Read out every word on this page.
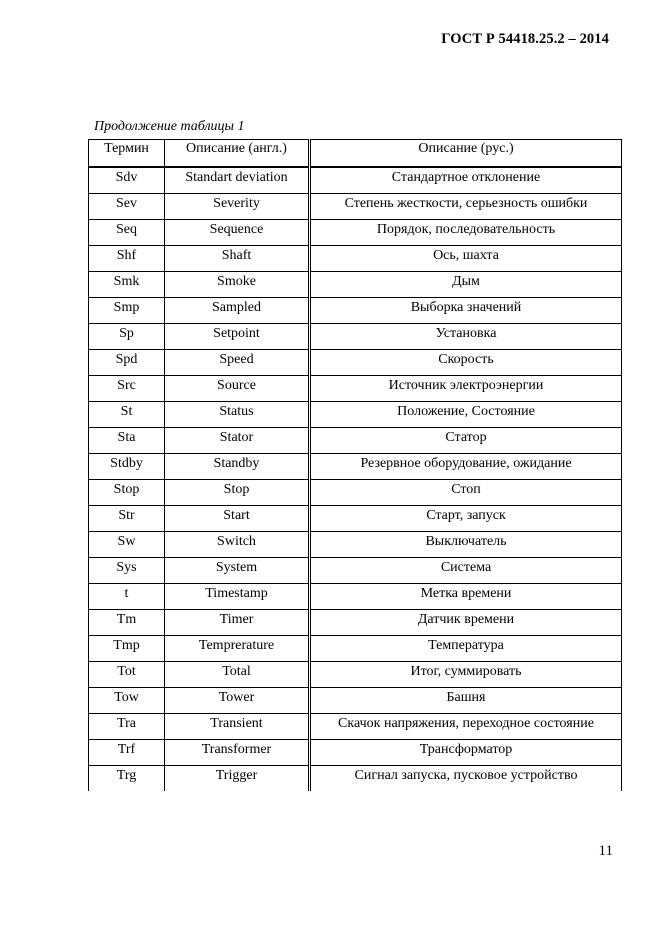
ГОСТ Р 54418.25.2 – 2014
Продолжение таблицы 1
Термин	Описание (англ.)	Описание (рус.)
Sdv	Standart deviation	Стандартное отклонение
Sev	Severity	Степень жесткости, серьезность ошибки
Seq	Sequence	Порядок, последовательность
Shf	Shaft	Ось, шахта
Smk	Smoke	Дым
Smp	Sampled	Выборка значений
Sp	Setpoint	Установка
Spd	Speed	Скорость
Src	Source	Источник электроэнергии
St	Status	Положение, Состояние
Sta	Stator	Статор
Stdby	Standby	Резервное оборудование, ожидание
Stop	Stop	Стоп
Str	Start	Старт, запуск
Sw	Switch	Выключатель
Sys	System	Система
t	Timestamp	Метка времени
Tm	Timer	Датчик времени
Tmp	Temprerature	Температура
Tot	Total	Итог, суммировать
Tow	Tower	Башня
Tra	Transient	Скачок напряжения, переходное состояние
Trf	Transformer	Трансформатор
Trg	Trigger	Сигнал запуска, пусковое устройство
11
